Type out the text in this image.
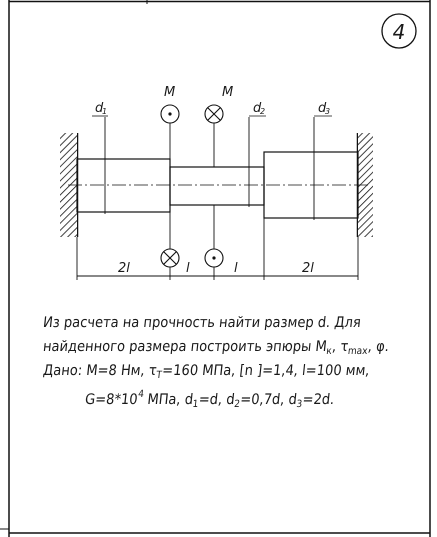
4
d
1	d
2	d
3
M	M
2l	l	l	2l
Из расчета на прочность найти размер d. Для
найденного размера построить эпюры $M_к$, $\tau_{max}$, φ.
Дано: M=8 Нм, $\tau_Т=160$ МПа, [n ]=1,4, l=100 мм,
$G=8*10^4$ МПа, $d_1=d$, $d_2=0,7d$, $d_3=2d$.
